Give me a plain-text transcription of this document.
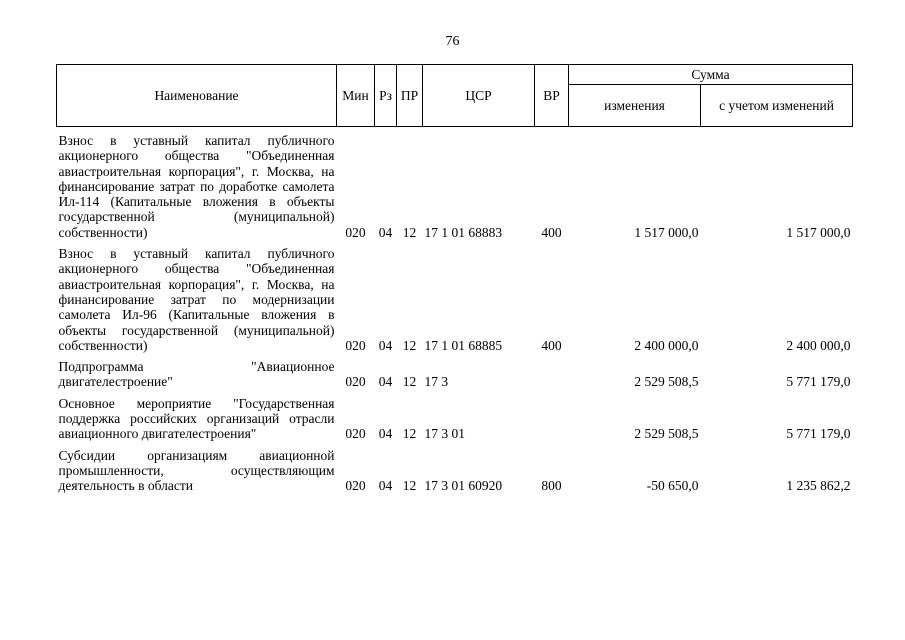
76
Наименование	Мин	Рз	ПР	ЦСР	ВР	Сумма	
						изменения	с учетом изменений
Взнос в уставный капитал публичного акционерного общества "Объединенная авиастроительная корпорация", г. Москва, на финансирование затрат по доработке самолета Ил-114 (Капитальные вложения в объекты государственной (муниципальной) собственности)	020	04	12	17 1 01 68883	400	1 517 000,0	1 517 000,0
Взнос в уставный капитал публичного акционерного общества "Объединенная авиастроительная корпорация", г. Москва, на финансирование затрат по модернизации самолета Ил-96 (Капитальные вложения в объекты государственной (муниципальной) собственности)	020	04	12	17 1 01 68885	400	2 400 000,0	2 400 000,0
Подпрограмма "Авиационное двигателестроение"	020	04	12	17 3		2 529 508,5	5 771 179,0
Основное мероприятие "Государственная поддержка российских организаций отрасли авиационного двигателестроения"	020	04	12	17 3 01		2 529 508,5	5 771 179,0
Субсидии организациям авиационной промышленности, осуществляющим деятельность в области	020	04	12	17 3 01 60920	800	-50 650,0	1 235 862,2
